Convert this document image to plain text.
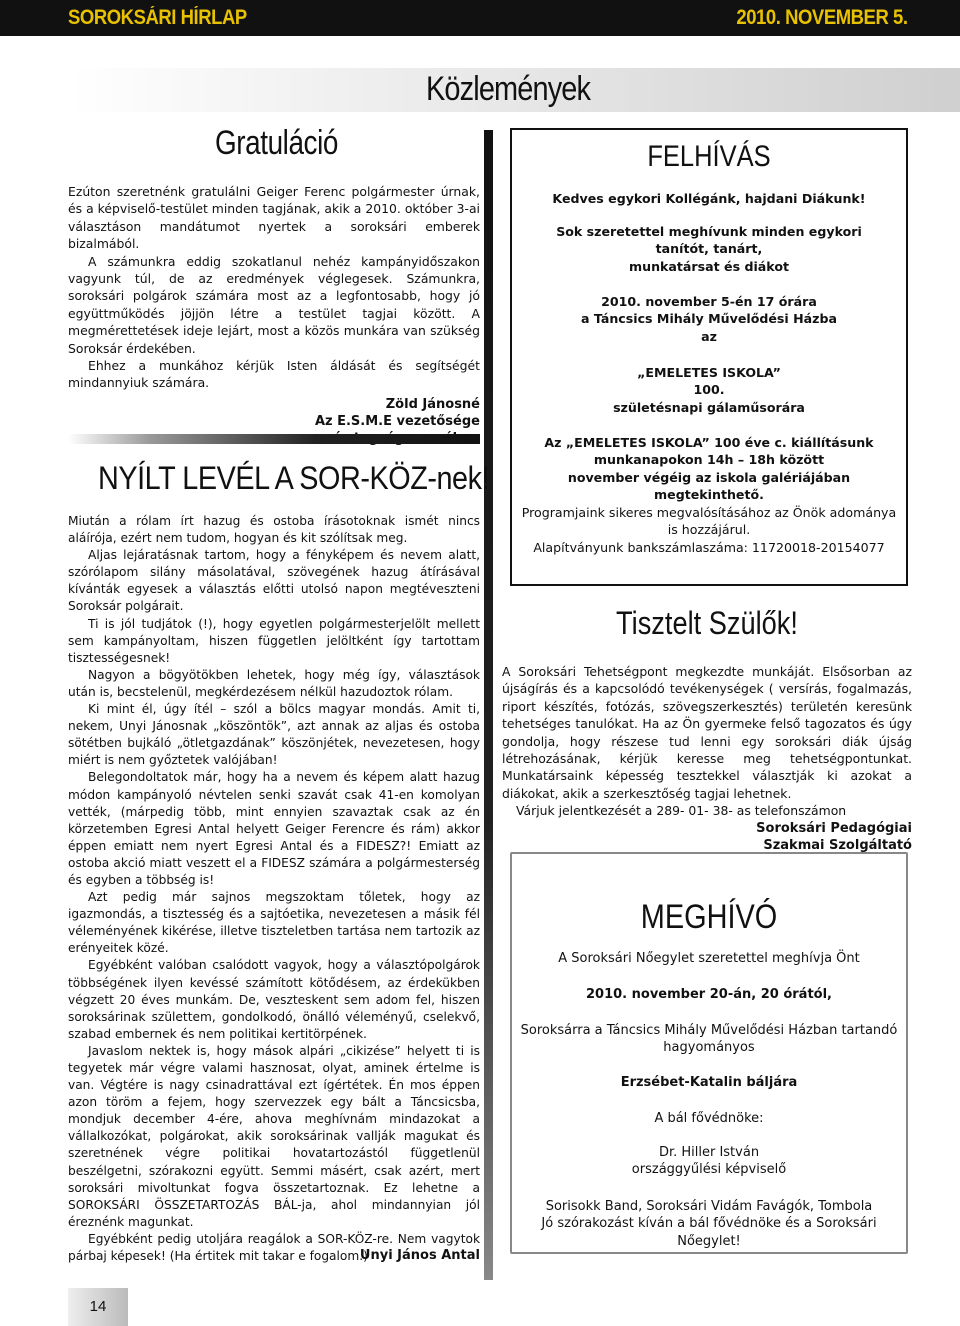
SOROKSÁRI HÍRLAP	2010. NOVEMBER 5.
Közlemények
Gratuláció

Ezúton szeretnénk gratulálni Geiger Ferenc polgármester úrnak, és a képviselő-testület minden tagjának, akik a 2010. október 3-ai választáson mandátumot nyertek a soroksári emberek bizalmából.

A számunkra eddig szokatlanul nehéz kampányidőszakon vagyunk túl, de az eredmények véglegesek. Számunkra, soroksári polgárok számára most az a legfontosabb, hogy jó együttműködés jöjjön létre a testület tagjai között. A megmérettetések ideje lejárt, most a közös munkára van szükség Soroksár érdekében.

Ehhez a munkához kérjük Isten áldását és segítségét mindannyiuk számára.

Zöld Jánosné
Az E.S.M.E vezetősége
NYÍLT LEVÉL A SOR-KÖZ-nek!

Miután a rólam írt hazug és ostoba írásotoknak ismét nincs aláírója, ezért nem tudom, hogyan és kit szólítsak meg.

Aljas lejáratásnak tartom, hogy a fényképem és nevem alatt, szórólapom silány másolatával, szövegének hazug átírásával kívánták egyesek a választás előtti utolsó napon megtéveszteni Soroksár polgárait.

Ti is jól tudjátok (!), hogy egyetlen polgármesterjelölt mellett sem kampányoltam, hiszen független jelöltként így tartottam tisztességesnek!

Nagyon a bögyötökben lehetek, hogy még így, választások után is, becstelenül, megkérdezésem nélkül hazudoztok rólam.

Ki mint él, úgy ítél – szól a bölcs magyar mondás. Amit ti, nekem, Unyi Jánosnak „köszöntök”, azt annak az aljas és ostoba sötétben bujkáló „ötletgazdának” köszönjétek, nevezetesen, hogy miért is nem győztetek valójában!

Belegondoltatok már, hogy ha a nevem és képem alatt hazug módon kampányoló névtelen senki szavát csak 41-en komolyan vették, (márpedig több, mint ennyien szavaztak csak az én körzetemben Egresi Antal helyett Geiger Ferencre és rám) akkor éppen emiatt nem nyert Egresi Antal és a FIDESZ?! Emiatt az ostoba akció miatt veszett el a FIDESZ számára a polgármesterség és egyben a többség is!

Azt pedig már sajnos megszoktam tőletek, hogy az igazmondás, a tisztesség és a sajtóetika, nevezetesen a másik fél véleményének kikérése, illetve tiszteletben tartása nem tartozik az erényeitek közé.

Egyébként valóban csalódott vagyok, hogy a választópolgárok többségének ilyen kevéssé számított kötődésem, az érdekükben végzett 20 éves munkám. De, veszteskent sem adom fel, hiszen soroksárinak születtem, gondolkodó, önálló véleményű, cselekvő, szabad embernek és nem politikai kertitörpének.

Javaslom nektek is, hogy mások alpári „cikizése” helyett ti is tegyetek már végre valami hasznosat, olyat, aminek értelme is van. Végtére is nagy csinadrattával ezt ígértétek. Én mos éppen azon töröm a fejem, hogy szervezzek egy bált a Táncsicsba, mondjuk december 4-ére, ahova meghívnám mindazokat a vállalkozókat, polgárokat, akik soroksárinak vallják magukat és szeretnének végre politikai hovatartozástól függetlenül beszélgetni, szórakozni együtt. Semmi másért, csak azért, mert soroksári mivoltunkat fogva összetartoznak. Ez lehetne a SOROKSÁRI ÖSSZETARTOZÁS BÁL-ja, ahol mindannyian jól éreznénk magunkat.

Egyébként pedig utoljára reagálok a SOR-KÖZ-re. Nem vagytok párbaj képesek! (Ha értitek mit takar e fogalom.)

Unyi János Antal
FELHÍVÁS
Kedves egykori Kollégánk, hajdani Diákunk!
Sok szeretettel meghívunk minden egykori
tanítót, tanárt,
munkatársat és diákot
2010. november 5-én 17 órára
a Táncsics Mihály Művelődési Házba
az
„EMELETES ISKOLA”
100.
születésnapi gálaműsorára
Az „EMELETES ISKOLA” 100 éve c. kiállításunk
munkanapokon 14h – 18h között
november végéig az iskola galériájában megtekinthető.
Programjaink sikeres megvalósításához az Önök adománya
is hozzájárul.
Alapítványunk bankszámlaszáma: 11720018-20154077
Tisztelt Szülők!

A Soroksári Tehetségpont megkezdte munkáját. Elsősorban az újságírás és a kapcsolódó tevékenységek ( versírás, fogalmazás, riport készítés, fotózás, szövegszerkesztés) területén keresünk tehetséges tanulókat. Ha az Ön gyermeke felső tagozatos és úgy gondolja, hogy részese tud lenni egy soroksári diák újság létrehozásának, kérjük keresse meg tehetségpontunkat. Munkatársaink képesség tesztekkel választják ki azokat a diákokat, akik a szerkesztőség tagjai lehetnek.

Várjuk jelentkezését a 289- 01- 38- as telefonszámon

Soroksári Pedagógiai
Szakmai Szolgáltató
MEGHÍVÓ
A Soroksári Nőegylet szeretettel meghívja Önt
2010. november 20-án, 20 órától,
Soroksárra a Táncsics Mihály Művelődési Házban tartandó
hagyományos
Erzsébet-Katalin bálj​ára
A bál fővédnöke:
Dr. Hiller István
országgyűlési képviselő
Sorisokk Band, Soroksári Vidám Favágók, Tombola
Jó szórakozást kíván a bál fővédnöke és a Soroksári Nőegylet!
14
